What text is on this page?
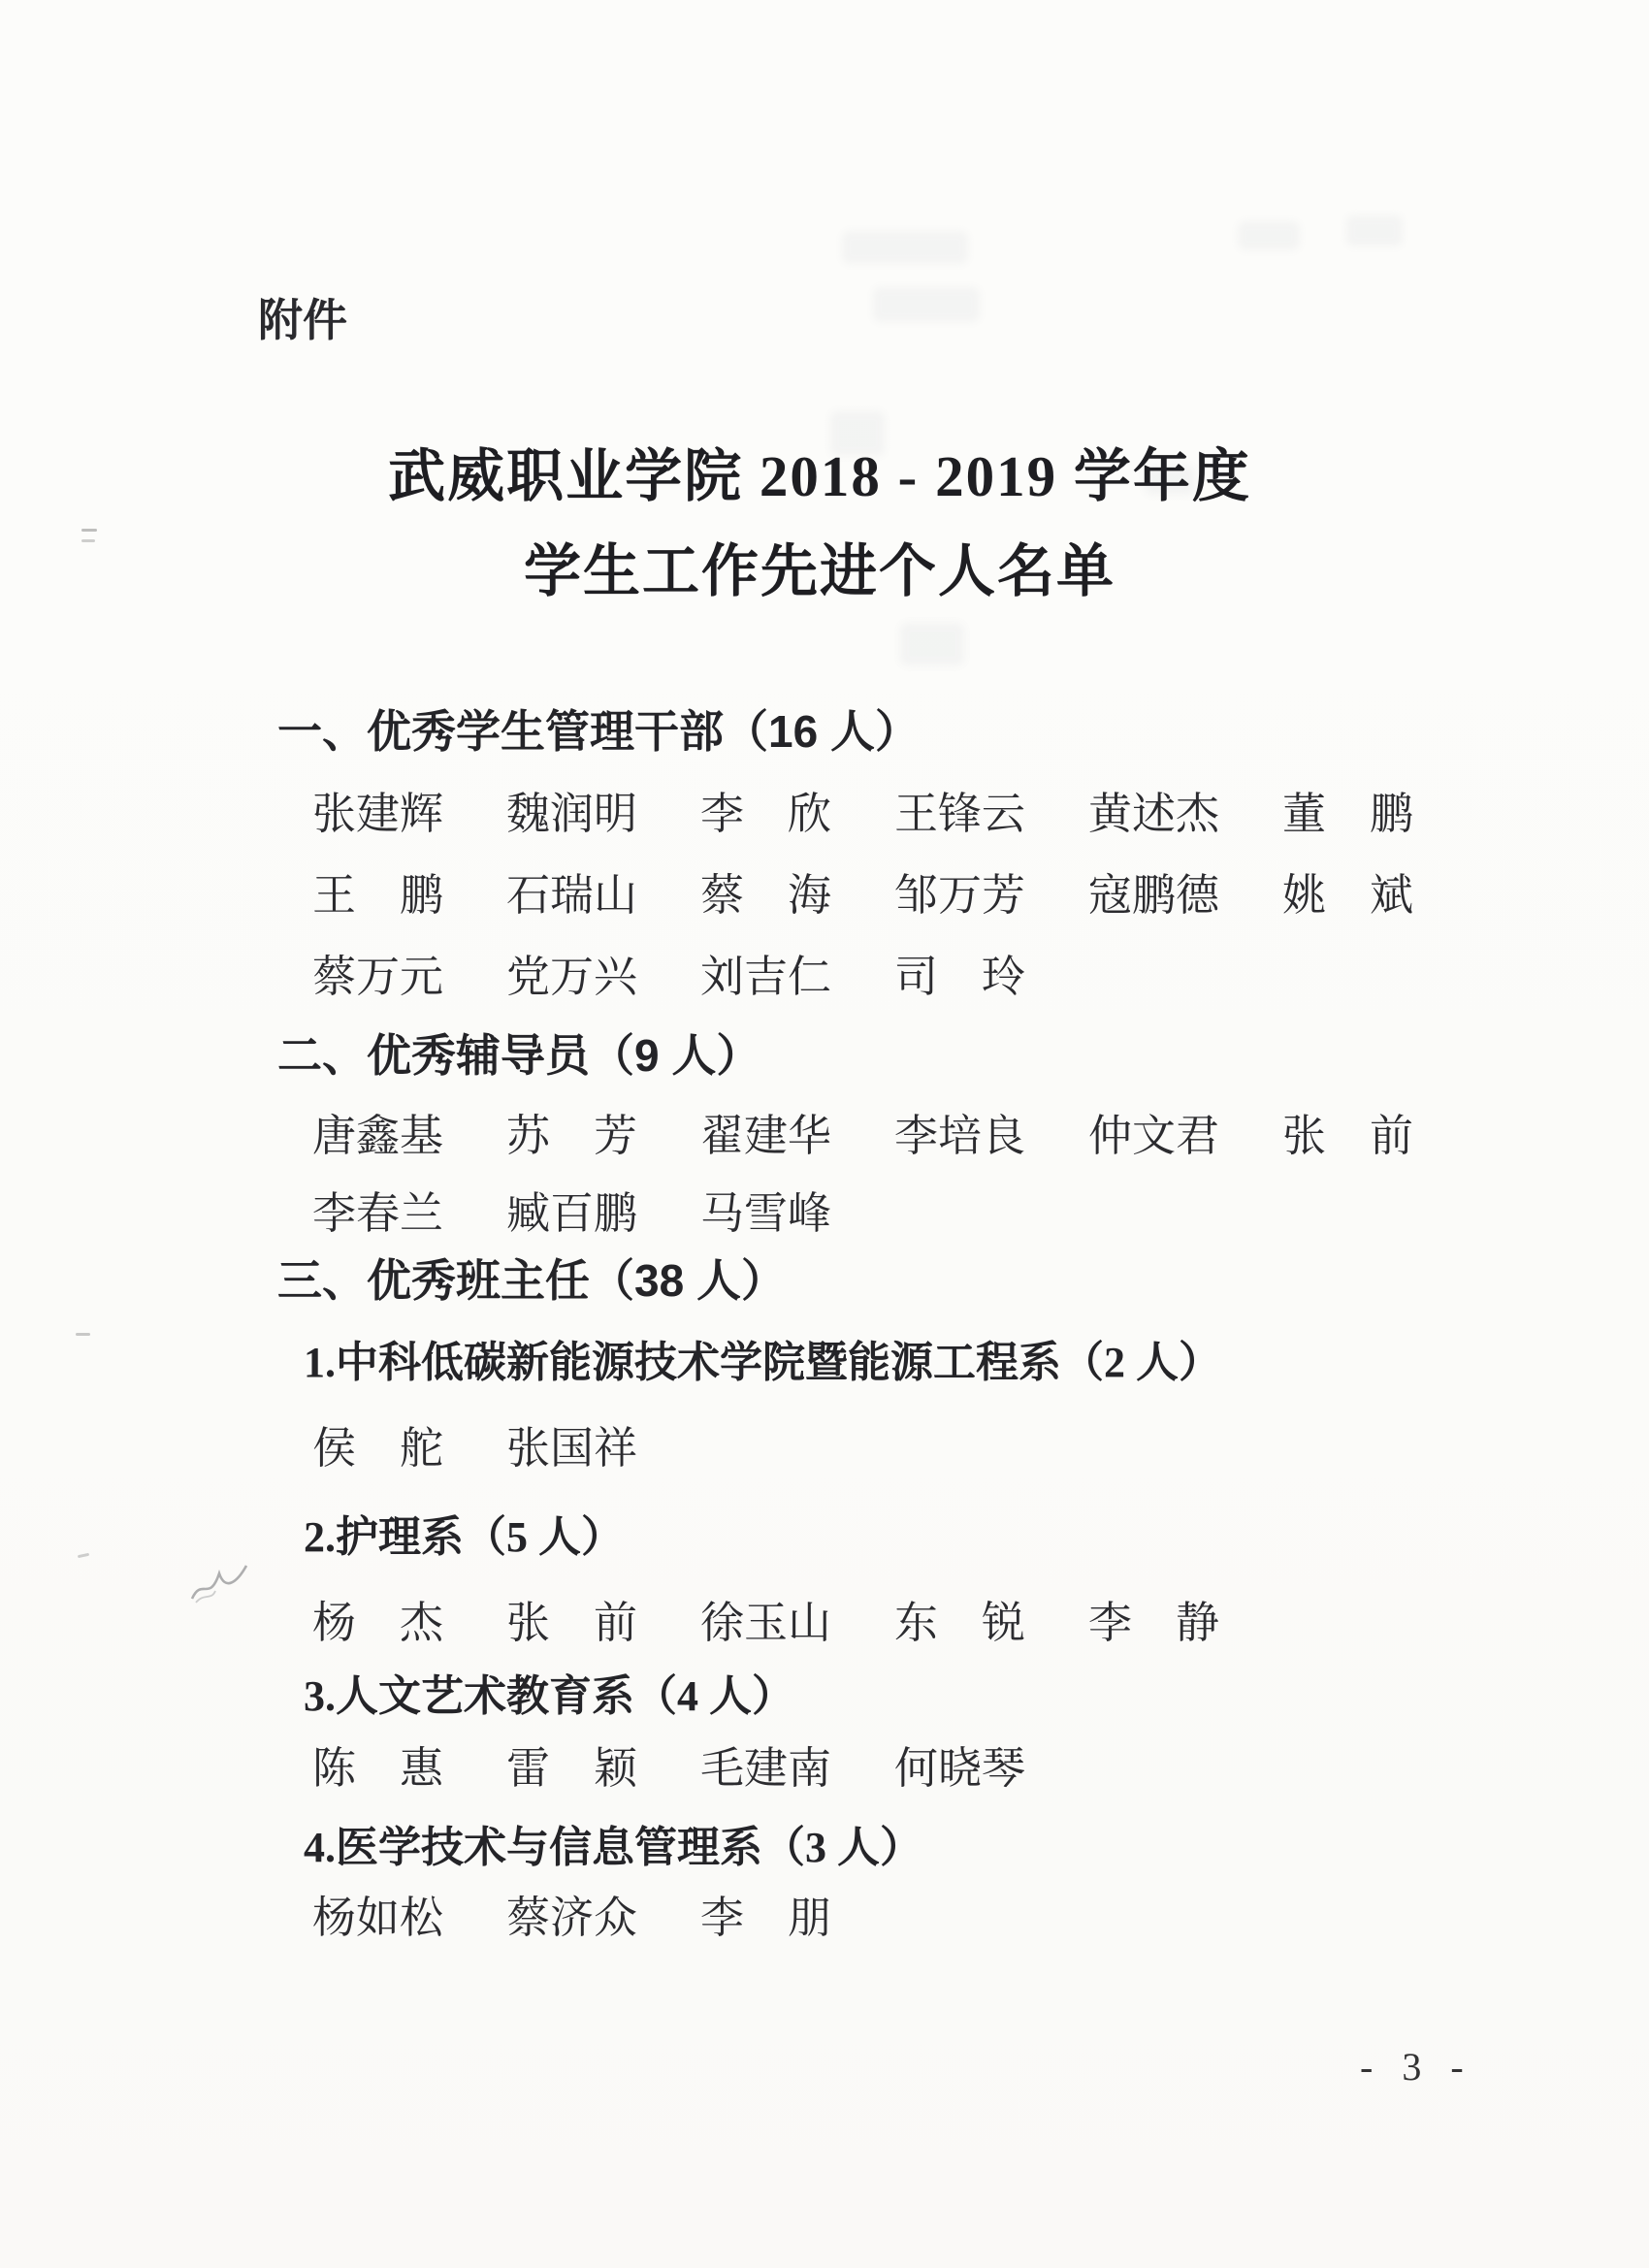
附件
武威职业学院 2018 - 2019 学年度
学生工作先进个人名单
一、优秀学生管理干部（16 人）
张建辉 魏润明 李　欣 王锋云 黄述杰 董　鹏
王　鹏 石瑞山 蔡　海 邹万芳 寇鹏德 姚　斌
蔡万元 党万兴 刘吉仁 司　玲
二、优秀辅导员（9 人）
唐鑫基 苏　芳 翟建华 李培良 仲文君 张　前
李春兰 臧百鹏 马雪峰
三、优秀班主任（38 人）
1.中科低碳新能源技术学院暨能源工程系（2 人）
侯　舵 张国祥
2.护理系（5 人）
杨　杰 张　前 徐玉山 东　锐 李　静
3.人文艺术教育系（4 人）
陈　惠 雷　颖 毛建南 何晓琴
4.医学技术与信息管理系（3 人）
杨如松 蔡济众 李　朋
- 3 -
